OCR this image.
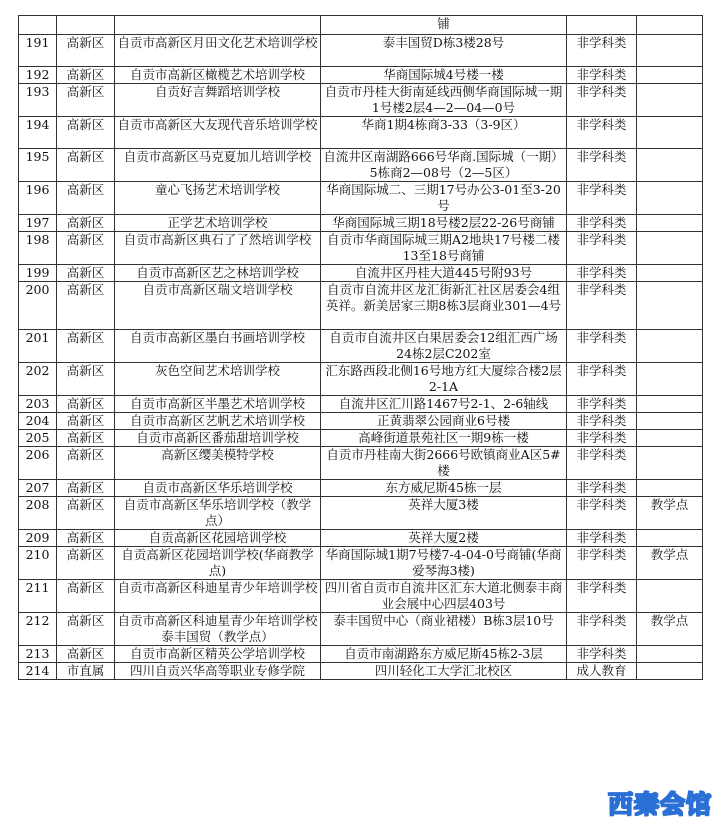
			铺		
191	高新区	自贡市高新区月田文化艺术培训学校	泰丰国贸D栋3楼28号	非学科类	
192	高新区	自贡市高新区橄榄艺术培训学校	华商国际城4号楼一楼	非学科类	
193	高新区	自贡好言舞蹈培训学校	自贡市丹桂大街南延线西侧华商国际城一期1号楼2层4—2—04—0号	非学科类	
194	高新区	自贡市高新区大友现代音乐培训学校	华商1期4栋商3-33（3-9区）	非学科类	
195	高新区	自贡市高新区马克夏加儿培训学校	自流井区南湖路666号华商.国际城（一期）5栋商2—08号（2—5区）	非学科类	
196	高新区	童心飞扬艺术培训学校	华商国际城二、三期17号办公3-01至3-20号	非学科类	
197	高新区	正学艺术培训学校	华商国际城三期18号楼2层22-26号商铺	非学科类	
198	高新区	自贡市高新区典石了了然培训学校	自贡市华商国际城三期A2地块17号楼二楼13至18号商铺	非学科类	
199	高新区	自贡市高新区艺之林培训学校	自流井区丹桂大道445号附93号	非学科类	
200	高新区	自贡市高新区瑞文培训学校	自贡市自流井区龙汇街新汇社区居委会4组英祥。新美居家三期8栋3层商业301—4号	非学科类	
201	高新区	自贡市高新区墨白书画培训学校	自贡市自流井区白果居委会12组汇西广场24栋2层C202室	非学科类	
202	高新区	灰色空间艺术培训学校	汇东路西段北侧16号地方红大厦综合楼2层2-1A	非学科类	
203	高新区	自贡市高新区半墨艺术培训学校	自流井区汇川路1467号2-1、2-6轴线	非学科类	
204	高新区	自贡市高新区艺帆艺术培训学校	正黄翡翠公园商业6号楼	非学科类	
205	高新区	自贡市高新区番茄甜培训学校	高峰街道景苑社区一期9栋一楼	非学科类	
206	高新区	高新区缨美模特学校	自贡市丹桂南大街2666号欧镇商业A区5#楼	非学科类	
207	高新区	自贡市高新区华乐培训学校	东方威尼斯45栋一层	非学科类	
208	高新区	自贡市高新区华乐培训学校（教学点）	英祥大厦3楼	非学科类	教学点
209	高新区	自贡高新区花园培训学校	英祥大厦2楼	非学科类	
210	高新区	自贡高新区花园培训学校(华商教学点)	华商国际城1期7号楼7-4-04-0号商铺(华商爱琴海3楼)	非学科类	教学点
211	高新区	自贡市高新区科迪星青少年培训学校	四川省自贡市自流井区汇东大道北侧泰丰商业会展中心四层403号	非学科类	
212	高新区	自贡市高新区科迪星青少年培训学校泰丰国贸（教学点）	泰丰国贸中心（商业裙楼）B栋3层10号	非学科类	教学点
213	高新区	自贡市高新区精英公学培训学校	自贡市南湖路东方威尼斯45栋2-3层	非学科类	
214	市直属	四川自贡兴华高等职业专修学院	四川轻化工大学汇北校区	成人教育	
西秦会馆
